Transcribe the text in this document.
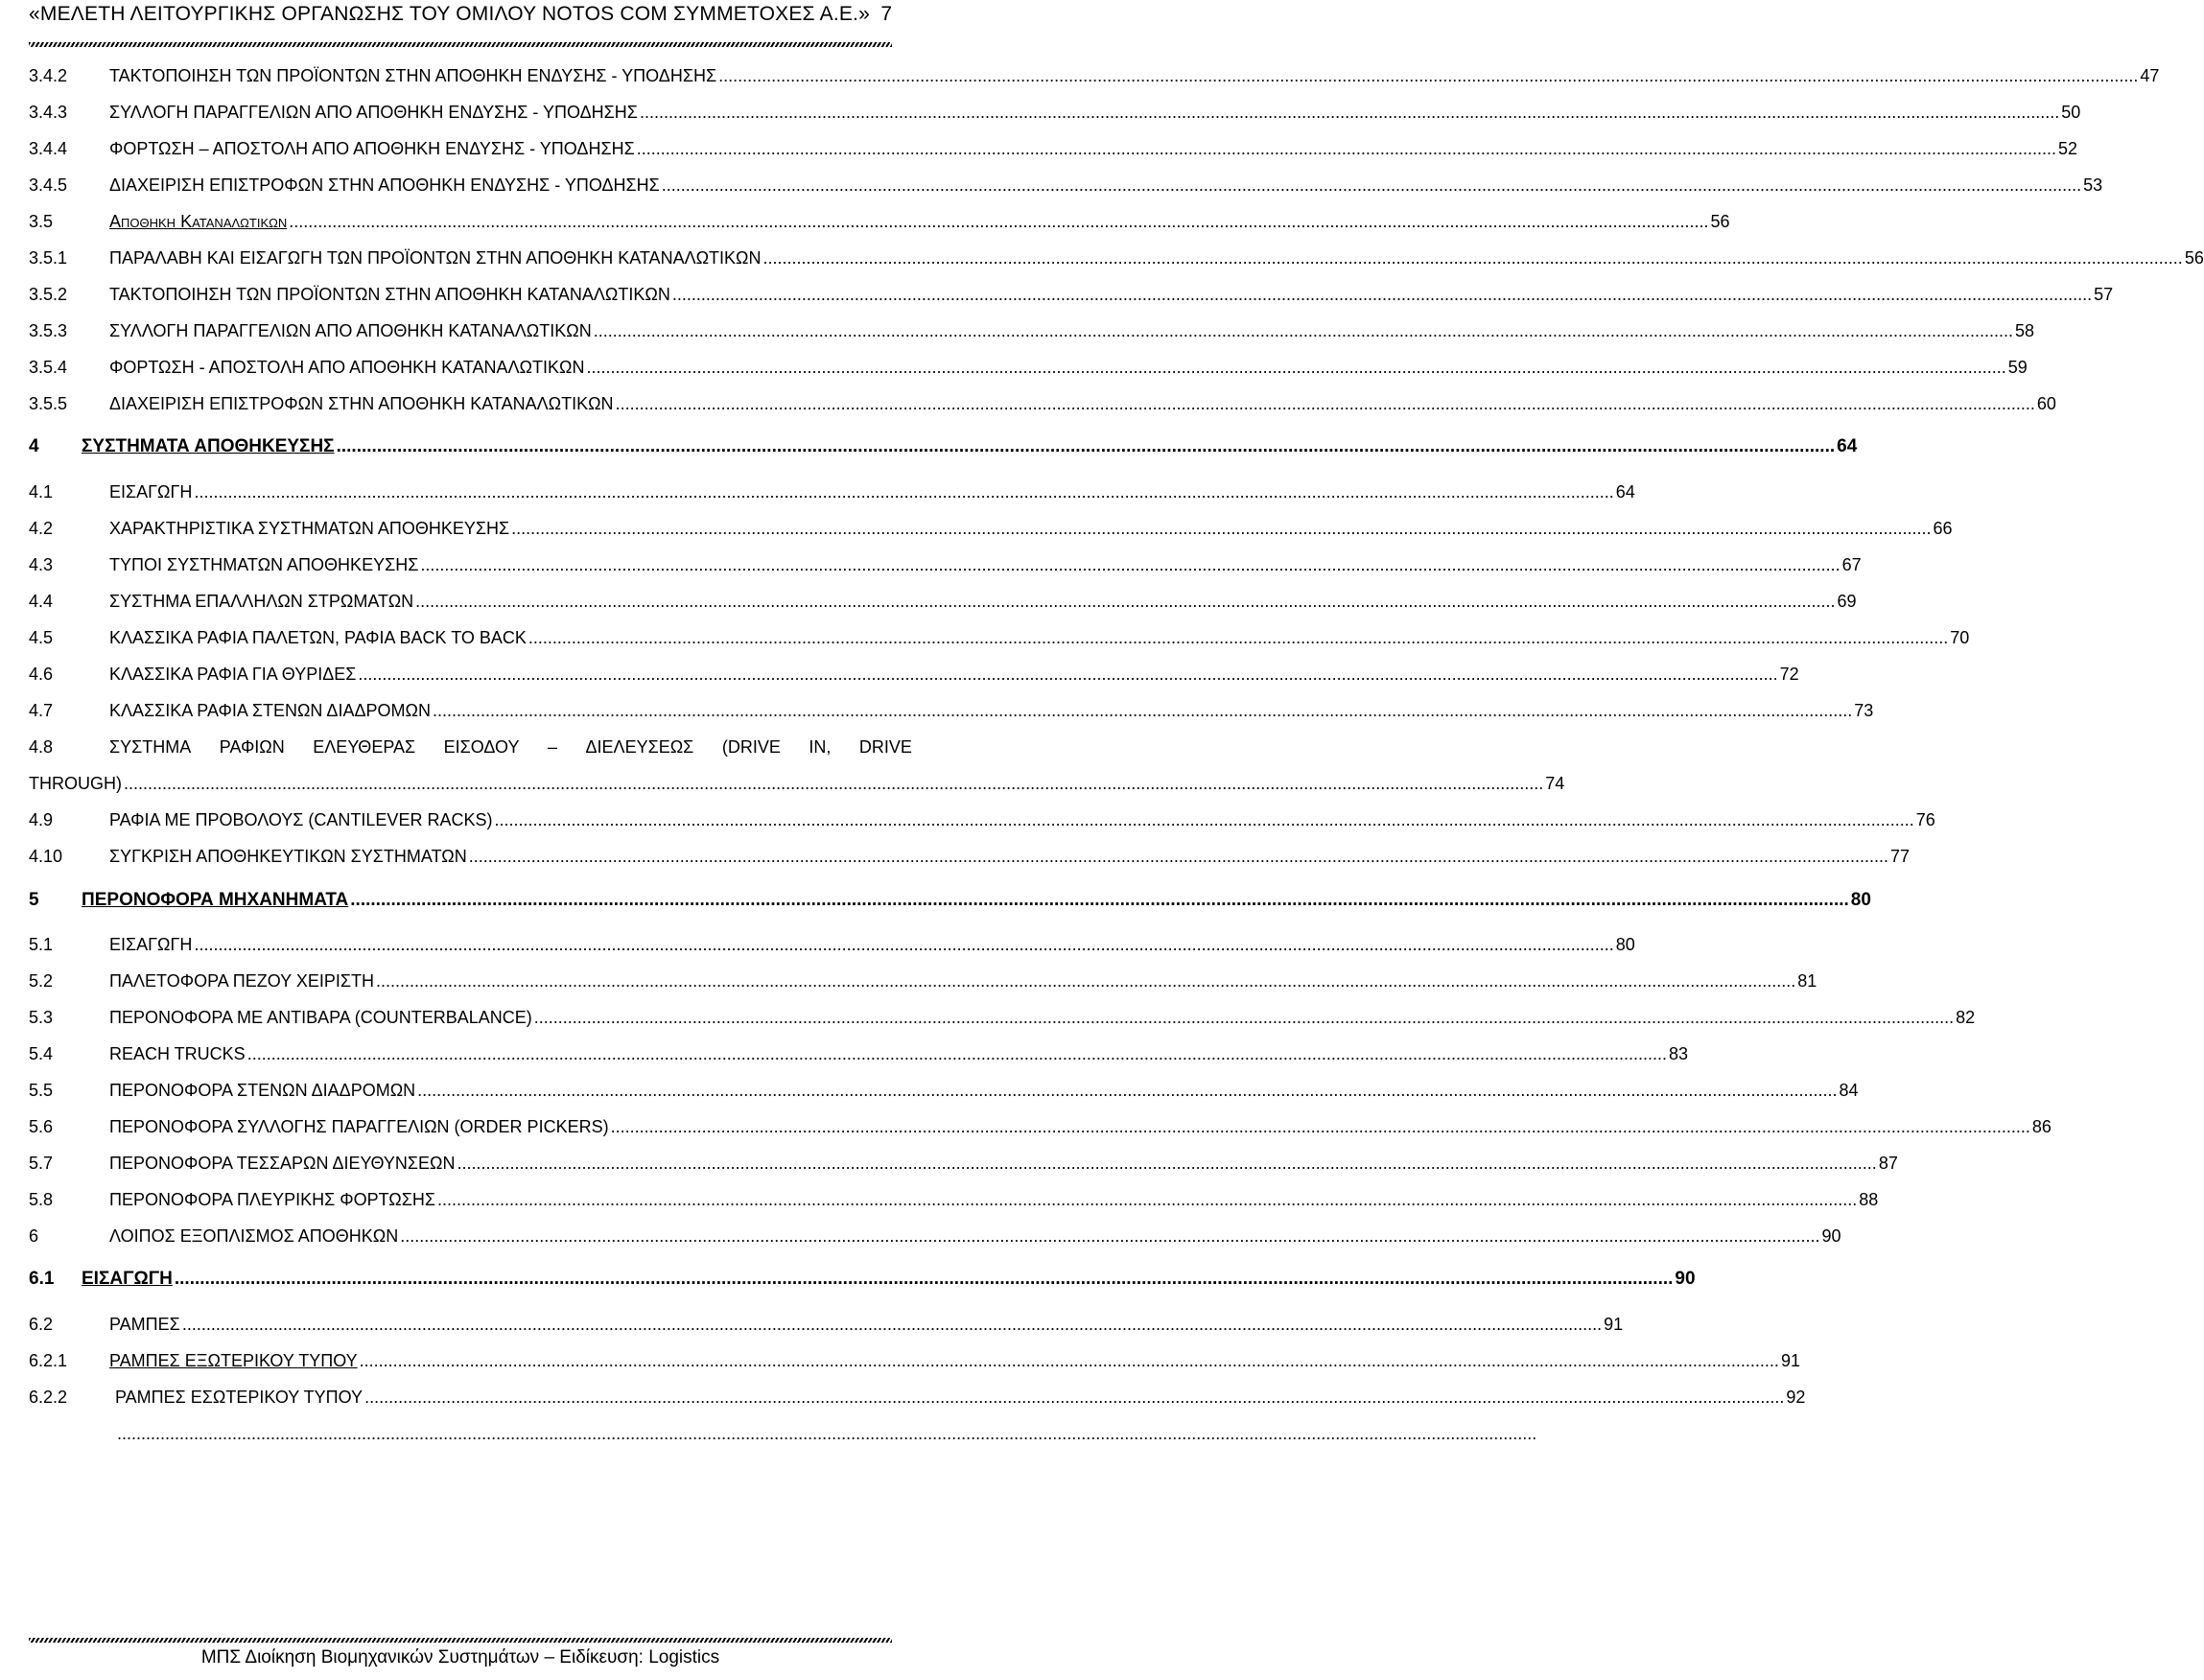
«ΜΕΛΕΤΗ ΛΕΙΤΟΥΡΓΙΚΗΣ ΟΡΓΑΝΩΣΗΣ ΤΟΥ ΟΜΙΛΟΥ NOTOS COM ΣΥΜΜΕΤΟΧΕΣ Α.Ε.» 7
3.4.2	ΤΑΚΤΟΠΟΙΗΣΗ ΤΩΝ ΠΡΟΪΟΝΤΩΝ ΣΤΗΝ ΑΠΟΘΗΚΗ ΕΝΔΥΣΗΣ - ΥΠΟΔΗΣΗΣ .....	47
3.4.3	ΣΥΛΛΟΓΗ ΠΑΡΑΓΓΕΛΙΩΝ ΑΠΟ ΑΠΟΘΗΚΗ ΕΝΔΥΣΗΣ - ΥΠΟΔΗΣΗΣ .....	50
3.4.4	ΦΟΡΤΩΣΗ – ΑΠΟΣΤΟΛΗ ΑΠΟ ΑΠΟΘΗΚΗ ΕΝΔΥΣΗΣ - ΥΠΟΔΗΣΗΣ .....	52
3.4.5	ΔΙΑΧΕΙΡΙΣΗ ΕΠΙΣΤΡΟΦΩΝ ΣΤΗΝ ΑΠΟΘΗΚΗ ΕΝΔΥΣΗΣ - ΥΠΟΔΗΣΗΣ .....	53
3.5	Αποθηκη Καταναλωτικων .....	56
3.5.1	ΠΑΡΑΛΑΒΗ ΚΑΙ ΕΙΣΑΓΩΓΗ ΤΩΝ ΠΡΟΪΟΝΤΩΝ ΣΤΗΝ ΑΠΟΘΗΚΗ ΚΑΤΑΝΑΛΩΤΙΚΩΝ .....	56
3.5.2	ΤΑΚΤΟΠΟΙΗΣΗ ΤΩΝ ΠΡΟΪΟΝΤΩΝ ΣΤΗΝ ΑΠΟΘΗΚΗ ΚΑΤΑΝΑΛΩΤΙΚΩΝ .....	57
3.5.3	ΣΥΛΛΟΓΗ ΠΑΡΑΓΓΕΛΙΩΝ ΑΠΟ ΑΠΟΘΗΚΗ ΚΑΤΑΝΑΛΩΤΙΚΩΝ .....	58
3.5.4	ΦΟΡΤΩΣΗ - ΑΠΟΣΤΟΛΗ ΑΠΟ ΑΠΟΘΗΚΗ ΚΑΤΑΝΑΛΩΤΙΚΩΝ .....	59
3.5.5	ΔΙΑΧΕΙΡΙΣΗ ΕΠΙΣΤΡΟΦΩΝ ΣΤΗΝ ΑΠΟΘΗΚΗ ΚΑΤΑΝΑΛΩΤΙΚΩΝ .....	60
4	ΣΥΣΤΗΜΑΤΑ ΑΠΟΘΗΚΕΥΣΗΣ .....	64
4.1	ΕΙΣΑΓΩΓΗ .....	64
4.2	ΧΑΡΑΚΤΗΡΙΣΤΙΚΑ ΣΥΣΤΗΜΑΤΩΝ ΑΠΟΘΗΚΕΥΣΗΣ .....	66
4.3	ΤΥΠΟΙ ΣΥΣΤΗΜΑΤΩΝ ΑΠΟΘΗΚΕΥΣΗΣ .....	67
4.4	ΣΥΣΤΗΜΑ ΕΠΑΛΛΗΛΩΝ ΣΤΡΩΜΑΤΩΝ .....	69
4.5	ΚΛΑΣΣΙΚΑ ΡΑΦΙΑ ΠΑΛΕΤΩΝ, ΡΑΦΙΑ BACK TO BACK .....	70
4.6	ΚΛΑΣΣΙΚΑ ΡΑΦΙΑ ΓΙΑ ΘΥΡΙΔΕΣ .....	72
4.7	ΚΛΑΣΣΙΚΑ ΡΑΦΙΑ ΣΤΕΝΩΝ ΔΙΑΔΡΟΜΩΝ .....	73
4.8	ΣΥΣΤΗΜΑ ΡΑΦΙΩΝ ΕΛΕΥΘΕΡΑΣ ΕΙΣΟΔΟΥ – ΔΙΕΛΕΥΣΕΩΣ (DRIVE IN, DRIVE
THROUGH) .....	74
4.9	ΡΑΦΙΑ ΜΕ ΠΡΟΒΟΛΟΥΣ (CANTILEVER RACKS) .....	76
4.10	ΣΥΓΚΡΙΣΗ ΑΠΟΘΗΚΕΥΤΙΚΩΝ ΣΥΣΤΗΜΑΤΩΝ .....	77
5	ΠΕΡΟΝΟΦΟΡΑ ΜΗΧΑΝΗΜΑΤΑ .....	80
5.1	ΕΙΣΑΓΩΓΗ .....	80
5.2	ΠΑΛΕΤΟΦΟΡΑ ΠΕΖΟΥ ΧΕΙΡΙΣΤΗ .....	81
5.3	ΠΕΡΟΝΟΦΟΡΑ ΜΕ ΑΝΤΙΒΑΡΑ (COUNTERBALANCE) .....	82
5.4	REACH TRUCKS .....	83
5.5	ΠΕΡΟΝΟΦΟΡΑ ΣΤΕΝΩΝ ΔΙΑΔΡΟΜΩΝ .....	84
5.6	ΠΕΡΟΝΟΦΟΡΑ ΣΥΛΛΟΓΗΣ ΠΑΡΑΓΓΕΛΙΩΝ (ORDER PICKERS) .....	86
5.7	ΠΕΡΟΝΟΦΟΡΑ ΤΕΣΣΑΡΩΝ ΔΙΕΥΘΥΝΣΕΩΝ .....	87
5.8	ΠΕΡΟΝΟΦΟΡΑ ΠΛΕΥΡΙΚΗΣ ΦΟΡΤΩΣΗΣ .....	88
6	ΛΟΙΠΟΣ ΕΞΟΠΛΙΣΜΟΣ ΑΠΟΘΗΚΩΝ .....	90
6.1	ΕΙΣΑΓΩΓΗ .....	90
6.2	ΡΑΜΠΕΣ .....	91
6.2.1	ΡΑΜΠΕΣ ΕΞΩΤΕΡΙΚΟΥ ΤΥΠΟΥ .....	91
6.2.2	ΡΑΜΠΕΣ ΕΣΩΤΕΡΙΚΟΥ ΤΥΠΟΥ .....	92
.....
ΜΠΣ Διοίκηση Βιομηχανικών Συστημάτων – Ειδίκευση: Logistics
